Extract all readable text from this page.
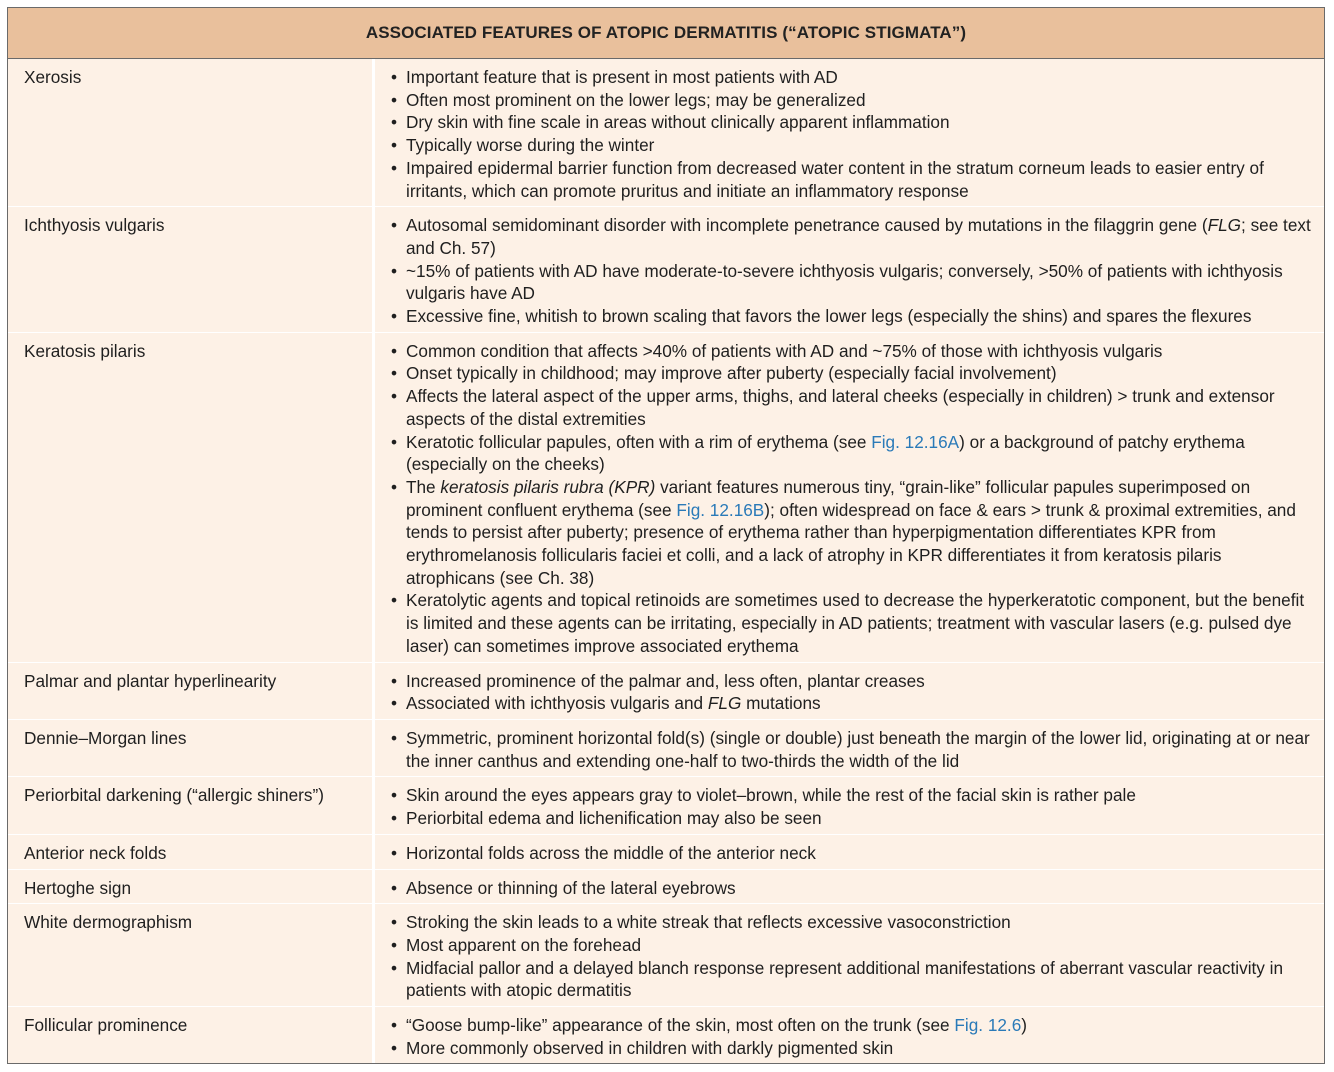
ASSOCIATED FEATURES OF ATOPIC DERMATITIS (“ATOPIC STIGMATA”)
Xerosis	• Important feature that is present in most patients with AD
• Often most prominent on the lower legs; may be generalized
• Dry skin with fine scale in areas without clinically apparent inflammation
• Typically worse during the winter
• Impaired epidermal barrier function from decreased water content in the stratum corneum leads to easier entry of irritants, which can promote pruritus and initiate an inflammatory response
Ichthyosis vulgaris	• Autosomal semidominant disorder with incomplete penetrance caused by mutations in the filaggrin gene (FLG; see text and Ch. 57)
• ~15% of patients with AD have moderate-to-severe ichthyosis vulgaris; conversely, >50% of patients with ichthyosis vulgaris have AD
• Excessive fine, whitish to brown scaling that favors the lower legs (especially the shins) and spares the flexures
Keratosis pilaris	• Common condition that affects >40% of patients with AD and ~75% of those with ichthyosis vulgaris
• Onset typically in childhood; may improve after puberty (especially facial involvement)
• Affects the lateral aspect of the upper arms, thighs, and lateral cheeks (especially in children) > trunk and extensor aspects of the distal extremities
• Keratotic follicular papules, often with a rim of erythema (see Fig. 12.16A) or a background of patchy erythema (especially on the cheeks)
• The keratosis pilaris rubra (KPR) variant features numerous tiny, “grain-like” follicular papules superimposed on prominent confluent erythema (see Fig. 12.16B); often widespread on face & ears > trunk & proximal extremities, and tends to persist after puberty; presence of erythema rather than hyperpigmentation differentiates KPR from erythromelanosis follicularis faciei et colli, and a lack of atrophy in KPR differentiates it from keratosis pilaris atrophicans (see Ch. 38)
• Keratolytic agents and topical retinoids are sometimes used to decrease the hyperkeratotic component, but the benefit is limited and these agents can be irritating, especially in AD patients; treatment with vascular lasers (e.g. pulsed dye laser) can sometimes improve associated erythema
Palmar and plantar hyperlinearity	• Increased prominence of the palmar and, less often, plantar creases
• Associated with ichthyosis vulgaris and FLG mutations
Dennie–Morgan lines	• Symmetric, prominent horizontal fold(s) (single or double) just beneath the margin of the lower lid, originating at or near the inner canthus and extending one-half to two-thirds the width of the lid
Periorbital darkening (“allergic shiners”)	• Skin around the eyes appears gray to violet–brown, while the rest of the facial skin is rather pale
• Periorbital edema and lichenification may also be seen
Anterior neck folds	• Horizontal folds across the middle of the anterior neck
Hertoghe sign	• Absence or thinning of the lateral eyebrows
White dermographism	• Stroking the skin leads to a white streak that reflects excessive vasoconstriction
• Most apparent on the forehead
• Midfacial pallor and a delayed blanch response represent additional manifestations of aberrant vascular reactivity in patients with atopic dermatitis
Follicular prominence	• “Goose bump-like” appearance of the skin, most often on the trunk (see Fig. 12.6)
• More commonly observed in children with darkly pigmented skin
